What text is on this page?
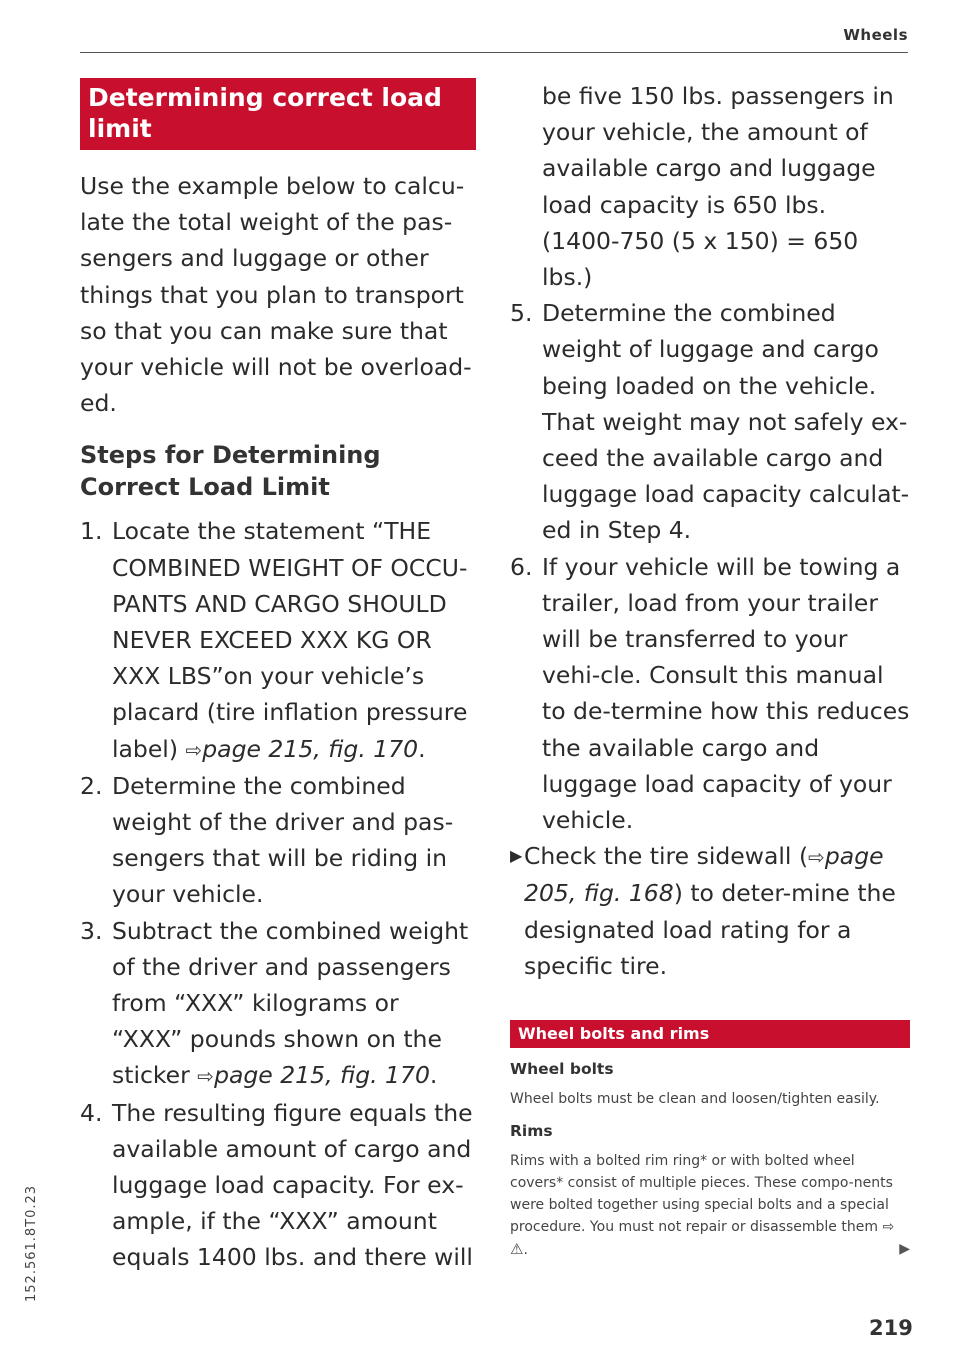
Wheels
Determining correct load limit
Use the example below to calcu-late the total weight of the pas-sengers and luggage or other things that you plan to transport so that you can make sure that your vehicle will not be overload-ed.
Steps for Determining Correct Load Limit
1. Locate the statement “THE COMBINED WEIGHT OF OCCU-PANTS AND CARGO SHOULD NEVER EXCEED XXX KG OR XXX LBS”on your vehicle’s placard (tire inflation pressure label) ⇨page 215, fig. 170.
2. Determine the combined weight of the driver and pas-sengers that will be riding in your vehicle.
3. Subtract the combined weight of the driver and passengers from “XXX” kilograms or “XXX” pounds shown on the sticker ⇨page 215, fig. 170.
4. The resulting figure equals the available amount of cargo and luggage load capacity. For ex-ample, if the “XXX” amount equals 1400 lbs. and there will
be five 150 lbs. passengers in your vehicle, the amount of available cargo and luggage load capacity is 650 lbs. (1400-750 (5 x 150) = 650 lbs.)
5. Determine the combined weight of luggage and cargo being loaded on the vehicle. That weight may not safely ex-ceed the available cargo and luggage load capacity calculat-ed in Step 4.
6. If your vehicle will be towing a trailer, load from your trailer will be transferred to your vehi-cle. Consult this manual to de-termine how this reduces the available cargo and luggage load capacity of your vehicle.
▶ Check the tire sidewall (⇨page 205, fig. 168) to deter-mine the designated load rating for a specific tire.
Wheel bolts and rims
Wheel bolts
Wheel bolts must be clean and loosen/tighten easily.
Rims
Rims with a bolted rim ring* or with bolted wheel covers* consist of multiple pieces. These compo-nents were bolted together using special bolts and a special procedure. You must not repair or disassemble them ⇨ ⚠.	▶
219
152.561.8T0.23
